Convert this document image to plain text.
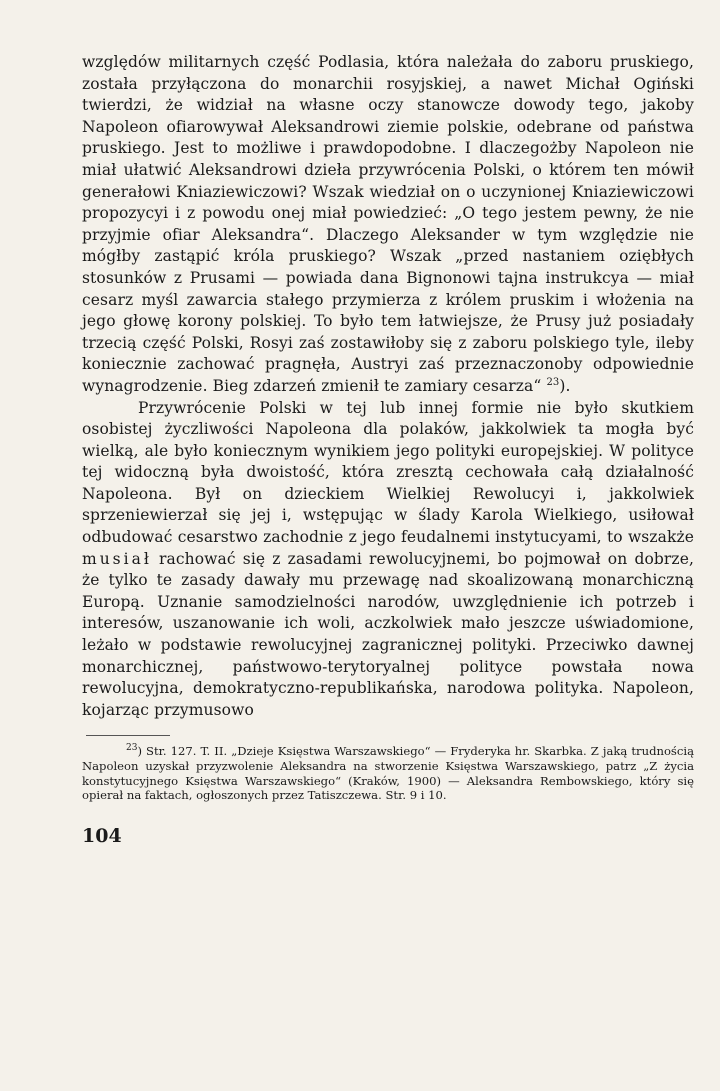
względów militarnych część Podlasia, która należała do zaboru pruskiego, została przyłączona do monarchii rosyjskiej, a nawet Michał Ogiński twierdzi, że widział na własne oczy stanowcze dowody tego, jakoby Napoleon ofiarowywał Aleksandrowi ziemie polskie, odebrane od państwa pruskiego. Jest to możliwe i prawdopodobne. I dlaczegożby Napoleon nie miał ułatwić Aleksandrowi dzieła przywrócenia Polski, o którem ten mówił generałowi Kniaziewiczowi? Wszak wiedział on o uczynionej Kniaziewiczowi propozycyi i z powodu onej miał powiedzieć: „O tego jestem pewny, że nie przyjmie ofiar Aleksandra“. Dlaczego Aleksander w tym względzie nie mógłby zastąpić króla pruskiego? Wszak „przed nastaniem oziębłych stosunków z Prusami — powiada dana Bignonowi tajna instrukcya — miał cesarz myśl zawarcia stałego przymierza z królem pruskim i włożenia na jego głowę korony polskiej. To było tem łatwiejsze, że Prusy już posiadały trzecią część Polski, Rosyi zaś zostawiłoby się z zaboru polskiego tyle, ileby koniecznie zachować pragnęła, Austryi zaś przeznaczonoby odpowiednie wynagrodzenie. Bieg zdarzeń zmienił te zamiary cesarza“ $^{23}$).

Przywrócenie Polski w tej lub innej formie nie było skutkiem osobistej życzliwości Napoleona dla polaków, jakkolwiek ta mogła być wielką, ale było koniecznym wynikiem jego polityki europejskiej. W polityce tej widoczną była dwoistość, która zresztą cechowała całą działalność Napoleona. Był on dzieckiem Wielkiej Rewolucyi i, jakkolwiek sprzeniewierzał się jej i, wstępując w ślady Karola Wielkiego, usiłował odbudować cesarstwo zachodnie z jego feudalnemi instytucyami, to wszakże musiał rachować się z zasadami rewolucyjnemi, bo pojmował on dobrze, że tylko te zasady dawały mu przewagę nad skoalizowaną monarchiczną Europą. Uznanie samodzielności narodów, uwzględnienie ich potrzeb i interesów, uszanowanie ich woli, aczkolwiek mało jeszcze uświadomione, leżało w podstawie rewolucyjnej zagranicznej polityki. Przeciwko dawnej monarchicznej, państwowo-terytoryalnej polityce powstała nowa rewolucyjna, demokratyczno-republikańska, narodowa polityka. Napoleon, kojarząc przymusowo

$^{23}$) Str. 127. T. II. „Dzieje Księstwa Warszawskiego“ — Fryderyka hr. Skarbka. Z jaką trudnością Napoleon uzyskał przyzwolenie Aleksandra na stworzenie Księstwa Warszawskiego, patrz „Z życia konstytucyjnego Księstwa Warszawskiego“ (Kraków, 1900) — Aleksandra Rembowskiego, który się opierał na faktach, ogłoszonych przez Tatiszczewa. Str. 9 i 10.

104
